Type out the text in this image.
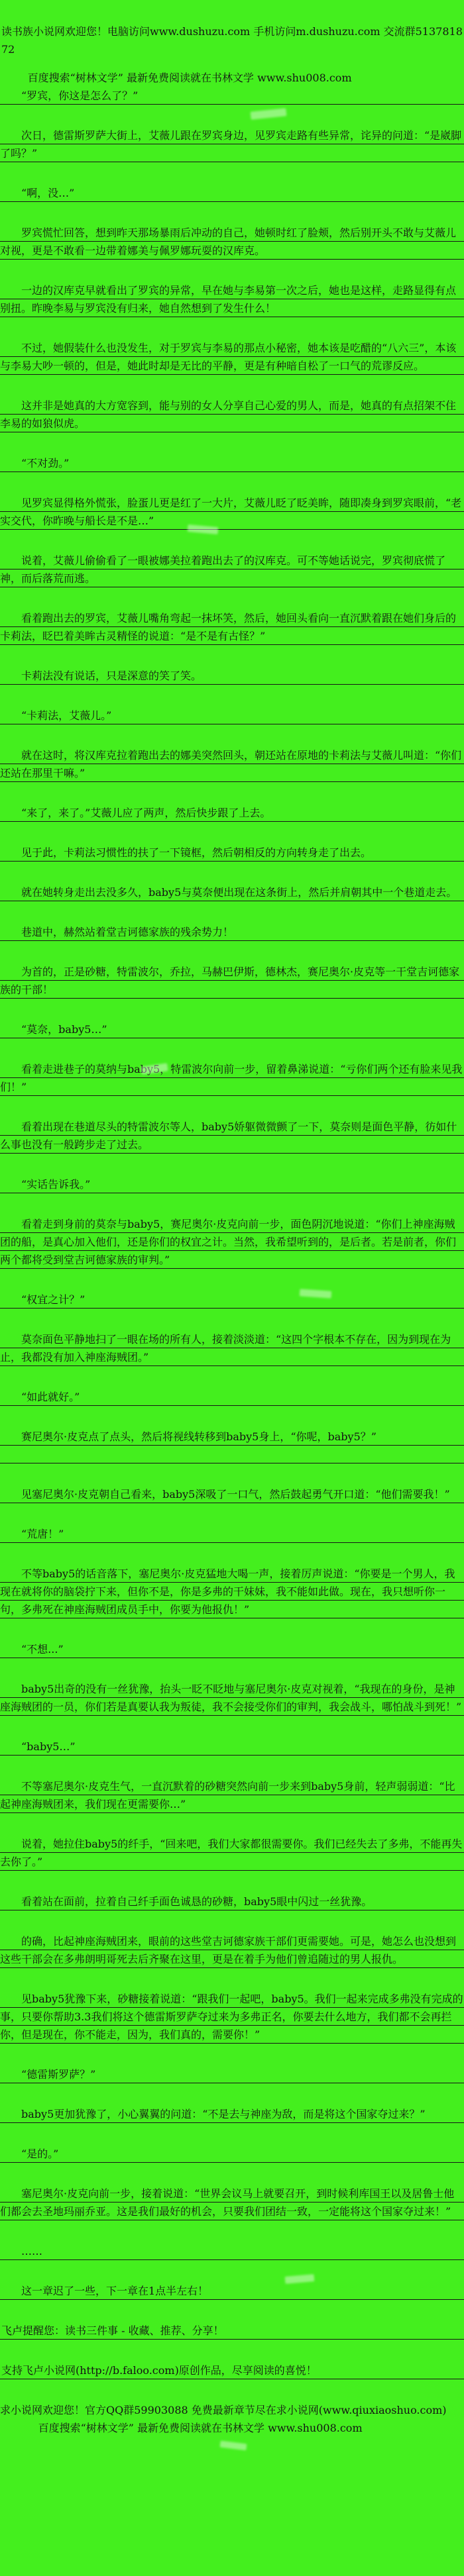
读书族小说网欢迎您！电脑访问www.dushuzu.com 手机访问m.dushuzu.com 交流群513781872
百度搜索“树林文学” 最新免费阅读就在书林文学 www.shu008.com

“罗宾，你这是怎么了？”

次日，德雷斯罗萨大街上，艾薇儿跟在罗宾身边，见罗宾走路有些异常，诧异的问道：“是崴脚了吗？”

“啊，没…”

罗宾慌忙回答，想到昨天那场暴雨后冲动的自己，她顿时红了脸颊，然后别开头不敢与艾薇儿对视，更是不敢看一边带着娜美与佩罗娜玩耍的汉库克。

一边的汉库克早就看出了罗宾的异常，早在她与李易第一次之后，她也是这样，走路显得有点别扭。昨晚李易与罗宾没有归来，她自然想到了发生什么！

不过，她假装什么也没发生，对于罗宾与李易的那点小秘密，她本该是吃醋的“八六三”，本该与李易大吵一顿的，但是，她此时却是无比的平静，更是有种暗自松了一口气的荒谬反应。

这并非是她真的大方宽容到，能与别的女人分享自己心爱的男人，而是，她真的有点招架不住李易的如狼似虎。

“不对劲。”

见罗宾显得格外慌张，脸蛋儿更是红了一大片，艾薇儿眨了眨美眸，随即凑身到罗宾眼前，“老实交代，你昨晚与船长是不是…”

说着，艾薇儿偷偷看了一眼被娜美拉着跑出去了的汉库克。可不等她话说完，罗宾彻底慌了神，而后落荒而逃。

看着跑出去的罗宾，艾薇儿嘴角弯起一抹坏笑，然后，她回头看向一直沉默着跟在她们身后的卡莉法，眨巴着美眸古灵精怪的说道：“是不是有古怪？”

卡莉法没有说话，只是深意的笑了笑。

“卡莉法，艾薇儿。”

就在这时，将汉库克拉着跑出去的娜美突然回头，朝还站在原地的卡莉法与艾薇儿叫道：“你们还站在那里干嘛。”

“来了，来了。”艾薇儿应了两声，然后快步跟了上去。

见于此，卡莉法习惯性的扶了一下镜框，然后朝相反的方向转身走了出去。

就在她转身走出去没多久，baby5与莫奈便出现在这条街上，然后并肩朝其中一个巷道走去。

巷道中，赫然站着堂吉诃德家族的残余势力！

为首的，正是砂糖，特雷波尔，乔拉，马赫巴伊斯，德林杰，赛尼奥尔·皮克等一干堂吉诃德家族的干部！

“莫奈，baby5…”

看着走进巷子的莫纳与baby5，特雷波尔向前一步，留着鼻涕说道：“亏你们两个还有脸来见我们！”

看着出现在巷道尽头的特雷波尔等人，baby5娇躯微微颤了一下，莫奈则是面色平静，彷如什么事也没有一般跨步走了过去。

“实话告诉我。”

看着走到身前的莫奈与baby5，赛尼奥尔·皮克向前一步，面色阴沉地说道：“你们上神座海贼团的船，是真心加入他们，还是你们的权宜之计。当然，我希望听到的，是后者。若是前者，你们两个都将受到堂吉诃德家族的审判。”

“权宜之计？”

莫奈面色平静地扫了一眼在场的所有人，接着淡淡道：“这四个字根本不存在，因为到现在为止，我都没有加入神座海贼团。”

“如此就好。”

赛尼奥尔·皮克点了点头，然后将视线转移到baby5身上，“你呢，baby5？”

见塞尼奥尔·皮克朝自己看来，baby5深吸了一口气，然后鼓起勇气开口道：“他们需要我！”

“荒唐！”

不等baby5的话音落下，塞尼奥尔·皮克猛地大喝一声，接着厉声说道：“你要是一个男人，我现在就将你的脑袋拧下来，但你不是，你是多弗的干妹妹，我不能如此做。现在，我只想听你一句，多弗死在神座海贼团成员手中，你要为他报仇！”

“不想...”

baby5出奇的没有一丝犹豫，抬头一眨不眨地与塞尼奥尔·皮克对视着，“我现在的身份，是神座海贼团的一员，你们若是真要认我为叛徒，我不会接受你们的审判，我会战斗，哪怕战斗到死！”

“baby5…”

不等塞尼奥尔·皮克生气，一直沉默着的砂糖突然向前一步来到baby5身前，轻声弱弱道：“比起神座海贼团来，我们现在更需要你…”

说着，她拉住baby5的纤手，“回来吧，我们大家都很需要你。我们已经失去了多弗，不能再失去你了。”

看着站在面前，拉着自己纤手面色诚恳的砂糖，baby5眼中闪过一丝犹豫。

的确，比起神座海贼团来，眼前的这些堂吉诃德家族干部们更需要她。可是，她怎么也没想到这些干部会在多弗朗明哥死去后齐聚在这里，更是在着手为他们曾追随过的男人报仇。

见baby5犹豫下来，砂糖接着说道：“跟我们一起吧，baby5。我们一起来完成多弗没有完成的事，只要你帮助3.3我们将这个德雷斯罗萨夺过来为多弗正名，你要去什么地方，我们都不会再拦你，但是现在，你不能走，因为，我们真的，需要你！”

“德雷斯罗萨？”

baby5更加犹豫了，小心翼翼的问道：“不是去与神座为敌，而是将这个国家夺过来？”

“是的。”

塞尼奥尔·皮克向前一步，接着说道：“世界会议马上就要召开，到时候利库国王以及居鲁士他们都会去圣地玛丽乔亚。这是我们最好的机会，只要我们团结一致，一定能将这个国家夺过来！”

……

这一章迟了一些，下一章在1点半左右！

飞卢提醒您：读书三件事 - 收藏、推荐、分享！

支持飞卢小说网(http://b.faloo.com)原创作品，尽享阅读的喜悦！

求小说网欢迎您！官方QQ群59903088 免费最新章节尽在求小说网(www.qiuxiaoshuo.com)
百度搜索“树林文学” 最新免费阅读就在书林文学 www.shu008.com
